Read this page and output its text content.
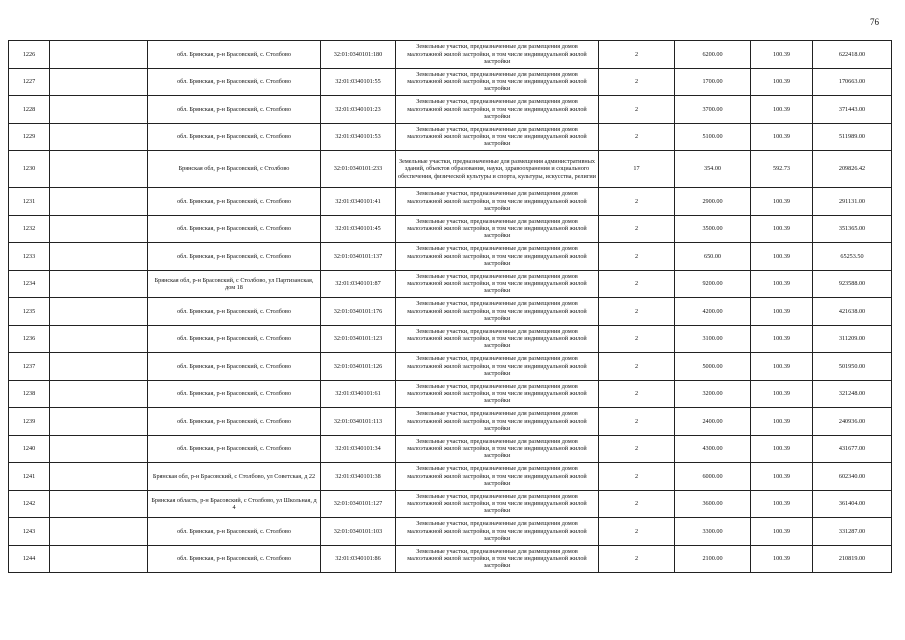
76
1226		обл. Брянская, р-н Брасовский, с. Столбово	32:01:0340101:180	Земельные участки, предназначенные для размещения домов малоэтажной жилой застройки, в том числе индивидуальной жилой застройки	2	6200.00	100.39	622418.00
1227		обл. Брянская, р-н Брасовский, с. Столбово	32:01:0340101:55	Земельные участки, предназначенные для размещения домов малоэтажной жилой застройки, в том числе индивидуальной жилой застройки	2	1700.00	100.39	170663.00
1228		обл. Брянская, р-н Брасовский, с. Столбово	32:01:0340101:23	Земельные участки, предназначенные для размещения домов малоэтажной жилой застройки, в том числе индивидуальной жилой застройки	2	3700.00	100.39	371443.00
1229		обл. Брянская, р-н Брасовский, с. Столбово	32:01:0340101:53	Земельные участки, предназначенные для размещения домов малоэтажной жилой застройки, в том числе индивидуальной жилой застройки	2	5100.00	100.39	511989.00
1230		Брянская обл, р-н Брасовский, с Столбово	32:01:0340101:233	Земельные участки, предназначенные для размещения административных зданий, объектов образования, науки, здравоохранения и социального обеспечения, физической культуры и спорта, культуры, искусства, религии	17	354.00	592.73	209826.42
1231		обл. Брянская, р-н Брасовский, с. Столбово	32:01:0340101:41	Земельные участки, предназначенные для размещения домов малоэтажной жилой застройки, в том числе индивидуальной жилой застройки	2	2900.00	100.39	291131.00
1232		обл. Брянская, р-н Брасовский, с. Столбово	32:01:0340101:45	Земельные участки, предназначенные для размещения домов малоэтажной жилой застройки, в том числе индивидуальной жилой застройки	2	3500.00	100.39	351365.00
1233		обл. Брянская, р-н Брасовский, с. Столбово	32:01:0340101:137	Земельные участки, предназначенные для размещения домов малоэтажной жилой застройки, в том числе индивидуальной жилой застройки	2	650.00	100.39	65253.50
1234		Брянская обл, р-н Брасовский, с Столбово, ул Партизанская, дом 18	32:01:0340101:87	Земельные участки, предназначенные для размещения домов малоэтажной жилой застройки, в том числе индивидуальной жилой застройки	2	9200.00	100.39	923588.00
1235		обл. Брянская, р-н Брасовский, с. Столбово	32:01:0340101:176	Земельные участки, предназначенные для размещения домов малоэтажной жилой застройки, в том числе индивидуальной жилой застройки	2	4200.00	100.39	421638.00
1236		обл. Брянская, р-н Брасовский, с. Столбово	32:01:0340101:123	Земельные участки, предназначенные для размещения домов малоэтажной жилой застройки, в том числе индивидуальной жилой застройки	2	3100.00	100.39	311209.00
1237		обл. Брянская, р-н Брасовский, с. Столбово	32:01:0340101:126	Земельные участки, предназначенные для размещения домов малоэтажной жилой застройки, в том числе индивидуальной жилой застройки	2	5000.00	100.39	501950.00
1238		обл. Брянская, р-н Брасовский, с. Столбово	32:01:0340101:61	Земельные участки, предназначенные для размещения домов малоэтажной жилой застройки, в том числе индивидуальной жилой застройки	2	3200.00	100.39	321248.00
1239		обл. Брянская, р-н Брасовский, с. Столбово	32:01:0340101:113	Земельные участки, предназначенные для размещения домов малоэтажной жилой застройки, в том числе индивидуальной жилой застройки	2	2400.00	100.39	240936.00
1240		обл. Брянская, р-н Брасовский, с. Столбово	32:01:0340101:34	Земельные участки, предназначенные для размещения домов малоэтажной жилой застройки, в том числе индивидуальной жилой застройки	2	4300.00	100.39	431677.00
1241		Брянская обл, р-н Брасовский, с Столбово, ул Советская, д 22	32:01:0340101:38	Земельные участки, предназначенные для размещения домов малоэтажной жилой застройки, в том числе индивидуальной жилой застройки	2	6000.00	100.39	602340.00
1242		Брянская область, р-н Брасовский, с Столбово, ул Школьная, д 4	32:01:0340101:127	Земельные участки, предназначенные для размещения домов малоэтажной жилой застройки, в том числе индивидуальной жилой застройки	2	3600.00	100.39	361404.00
1243		обл. Брянская, р-н Брасовский, с. Столбово	32:01:0340101:103	Земельные участки, предназначенные для размещения домов малоэтажной жилой застройки, в том числе индивидуальной жилой застройки	2	3300.00	100.39	331287.00
1244		обл. Брянская, р-н Брасовский, с. Столбово	32:01:0340101:86	Земельные участки, предназначенные для размещения домов малоэтажной жилой застройки, в том числе индивидуальной жилой застройки	2	2100.00	100.39	210819.00
